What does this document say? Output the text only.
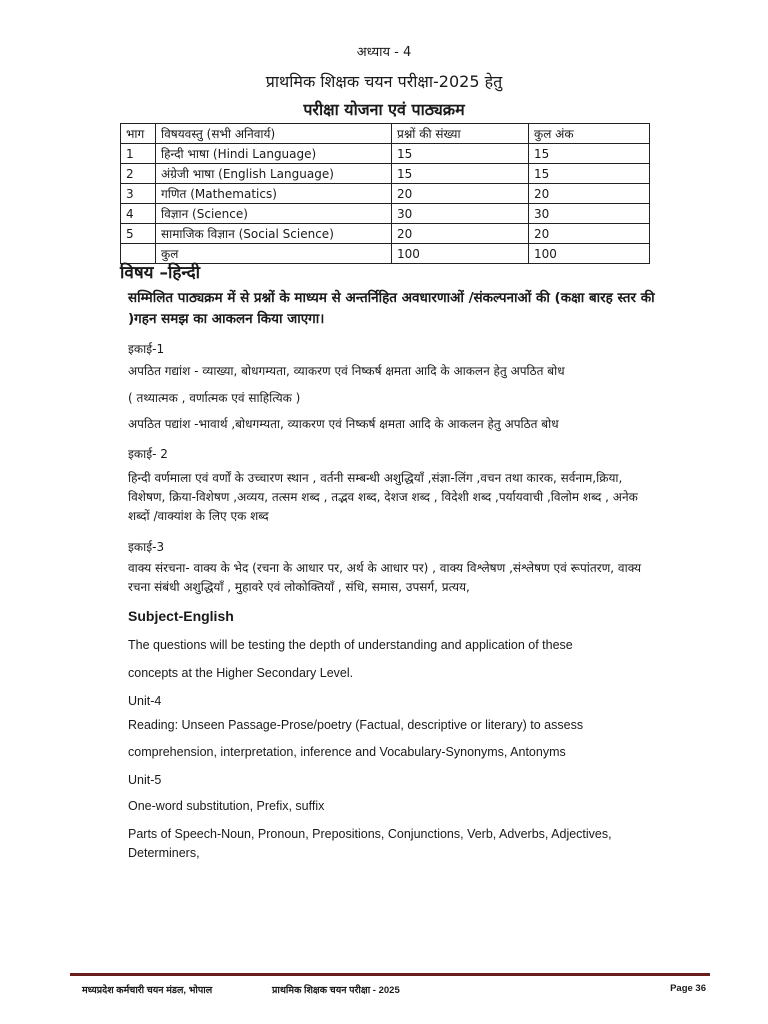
अध्याय - 4
प्राथमिक शिक्षक चयन परीक्षा-2025 हेतु
परीक्षा योजना एवं पाठ्यक्रम
भाग	विषयवस्तु (सभी अनिवार्य)	प्रश्नों की संख्या	कुल अंक
1	हिन्दी भाषा (Hindi Language)	15	15
2	अंग्रेजी भाषा (English Language)	15	15
3	गणित (Mathematics)	20	20
4	विज्ञान (Science)	30	30
5	सामाजिक विज्ञान (Social Science)	20	20
	कुल	100	100
विषय –हिन्दी
सम्मिलित पाठ्यक्रम में से प्रश्नों के माध्यम से अन्तर्निहित अवधारणाओं /संकल्पनाओं की (कक्षा बारह स्तर की )गहन समझ का आकलन किया जाएगा।
इकाई-1
अपठित गद्यांश - व्याख्या, बोधगम्यता, व्याकरण एवं निष्कर्ष क्षमता आदि के आकलन हेतु अपठित बोध
( तथ्यात्मक , वर्णात्मक एवं साहित्यिक )
अपठित पद्यांश -भावार्थ ,बोधगम्यता, व्याकरण एवं निष्कर्ष क्षमता आदि के आकलन हेतु अपठित बोध
इकाई- 2
हिन्दी वर्णमाला एवं वर्णों के उच्चारण स्थान , वर्तनी सम्बन्धी अशुद्धियाँ ,संज्ञा-लिंग ,वचन तथा कारक, सर्वनाम,क्रिया, विशेषण, क्रिया-विशेषण ,अव्यय, तत्सम शब्द , तद्भव शब्द, देशज शब्द , विदेशी शब्द ,पर्यायवाची ,विलोम शब्द , अनेक शब्दों /वाक्यांश के लिए एक शब्द
इकाई-3
वाक्य संरचना- वाक्य के भेद (रचना के आधार पर, अर्थ के आधार पर) , वाक्य विश्लेषण ,संश्लेषण एवं रूपांतरण, वाक्य रचना संबंधी अशुद्धियाँ , मुहावरे एवं लोकोक्तियाँ , संधि, समास, उपसर्ग, प्रत्यय,
Subject-English
The questions will be testing the depth of understanding and application of these
concepts at the Higher Secondary Level.
Unit-4
Reading: Unseen Passage-Prose/poetry (Factual, descriptive or literary) to assess
comprehension, interpretation, inference and Vocabulary-Synonyms, Antonyms
Unit-5
One-word substitution, Prefix, suffix
Parts of Speech-Noun, Pronoun, Prepositions, Conjunctions, Verb, Adverbs, Adjectives, Determiners,
मध्यप्रदेश कर्मचारी चयन मंडल, भोपाल	प्राथमिक शिक्षक चयन परीक्षा - 2025	Page 36
